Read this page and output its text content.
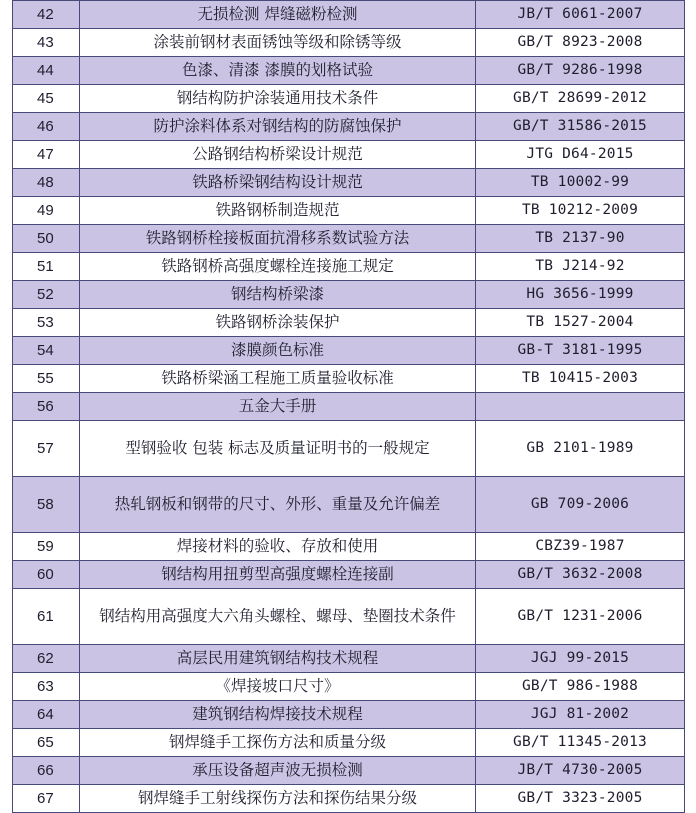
42	无损检测 焊缝磁粉检测	JB/T 6061-2007
43	涂装前钢材表面锈蚀等级和除锈等级	GB/T 8923-2008
44	色漆、清漆 漆膜的划格试验	GB/T 9286-1998
45	钢结构防护涂装通用技术条件	GB/T 28699-2012
46	防护涂料体系对钢结构的防腐蚀保护	GB/T 31586-2015
47	公路钢结构桥梁设计规范	JTG D64-2015
48	铁路桥梁钢结构设计规范	TB 10002-99
49	铁路钢桥制造规范	TB 10212-2009
50	铁路钢桥栓接板面抗滑移系数试验方法	TB 2137-90
51	铁路钢桥高强度螺栓连接施工规定	TB J214-92
52	钢结构桥梁漆	HG 3656-1999
53	铁路钢桥涂装保护	TB 1527-2004
54	漆膜颜色标准	GB-T 3181-1995
55	铁路桥梁涵工程施工质量验收标准	TB 10415-2003
56	五金大手册	
57	型钢验收 包装 标志及质量证明书的一般规定	GB 2101-1989
58	热轧钢板和钢带的尺寸、外形、重量及允许偏差	GB 709-2006
59	焊接材料的验收、存放和使用	CBZ39-1987
60	钢结构用扭剪型高强度螺栓连接副	GB/T 3632-2008
61	钢结构用高强度大六角头螺栓、螺母、垫圈技术条件	GB/T 1231-2006
62	高层民用建筑钢结构技术规程	JGJ 99-2015
63	《焊接坡口尺寸》	GB/T 986-1988
64	建筑钢结构焊接技术规程	JGJ 81-2002
65	钢焊缝手工探伤方法和质量分级	GB/T 11345-2013
66	承压设备超声波无损检测	JB/T 4730-2005
67	钢焊缝手工射线探伤方法和探伤结果分级	GB/T 3323-2005
